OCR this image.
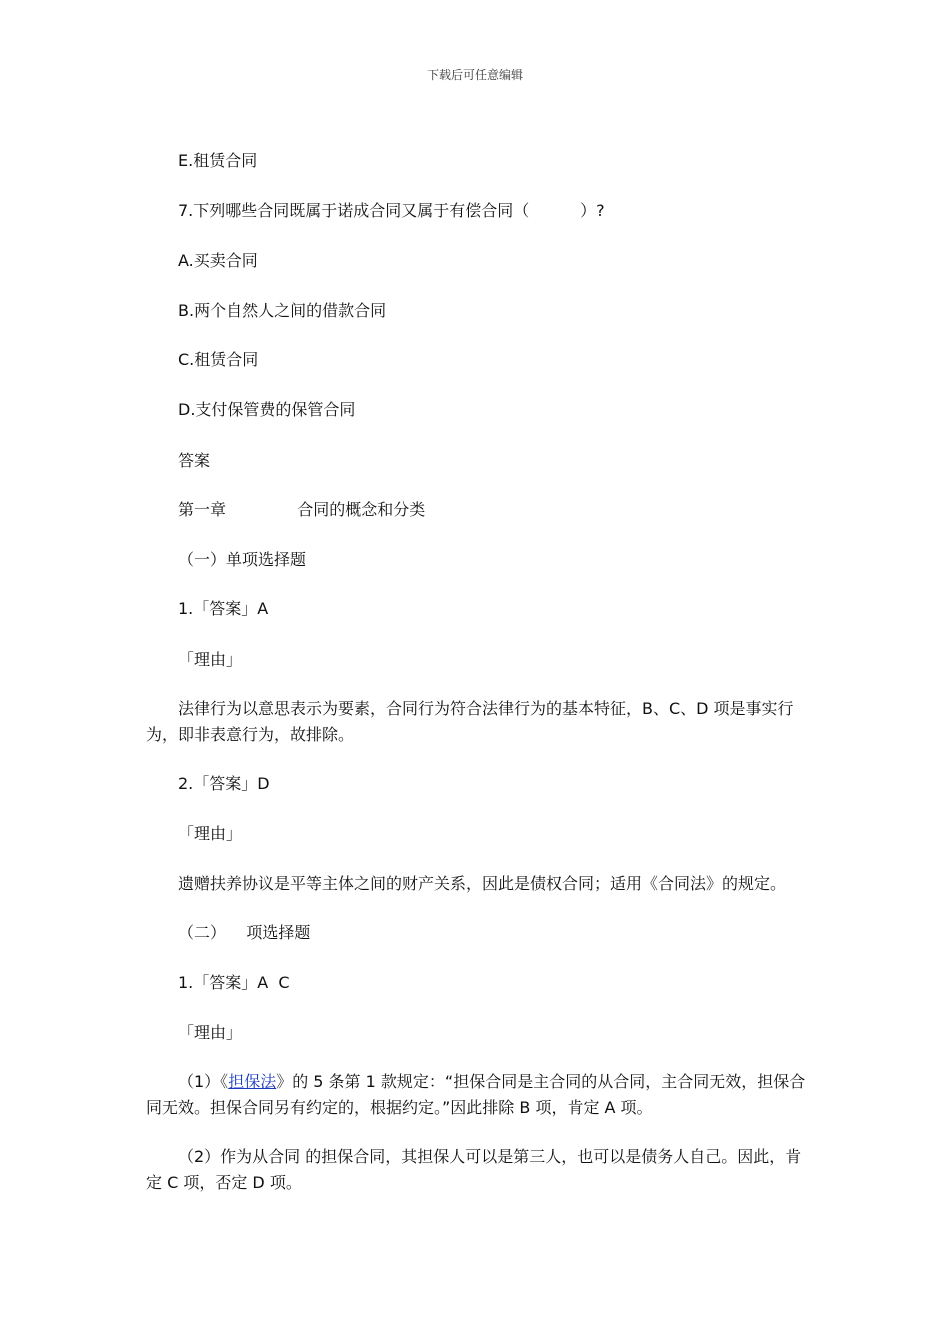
下载后可任意编辑
E.租赁合同
7.下列哪些合同既属于诺成合同又属于有偿合同（          ）?
A.买卖合同
B.两个自然人之间的借款合同
C.租赁合同
D.支付保管费的保管合同
答案
第一章              合同的概念和分类
（一）单项选择题
1.「答案」A
「理由」
法律行为以意思表示为要素，合同行为符合法律行为的基本特征，B、C、D 项是事实行为，即非表意行为，故排除。
2.「答案」D
「理由」
遗赠扶养协议是平等主体之间的财产关系，因此是债权合同；适用《合同法》的规定。
（二）    项选择题
1.「答案」A  C
「理由」
（1）《担保法》的 5 条第 1 款规定：“担保合同是主合同的从合同，主合同无效，担保合同无效。担保合同另有约定的，根据约定。”因此排除 B 项，肯定 A 项。
（2）作为从合同 的担保合同，其担保人可以是第三人，也可以是债务人自己。因此，肯定 C 项，否定 D 项。
